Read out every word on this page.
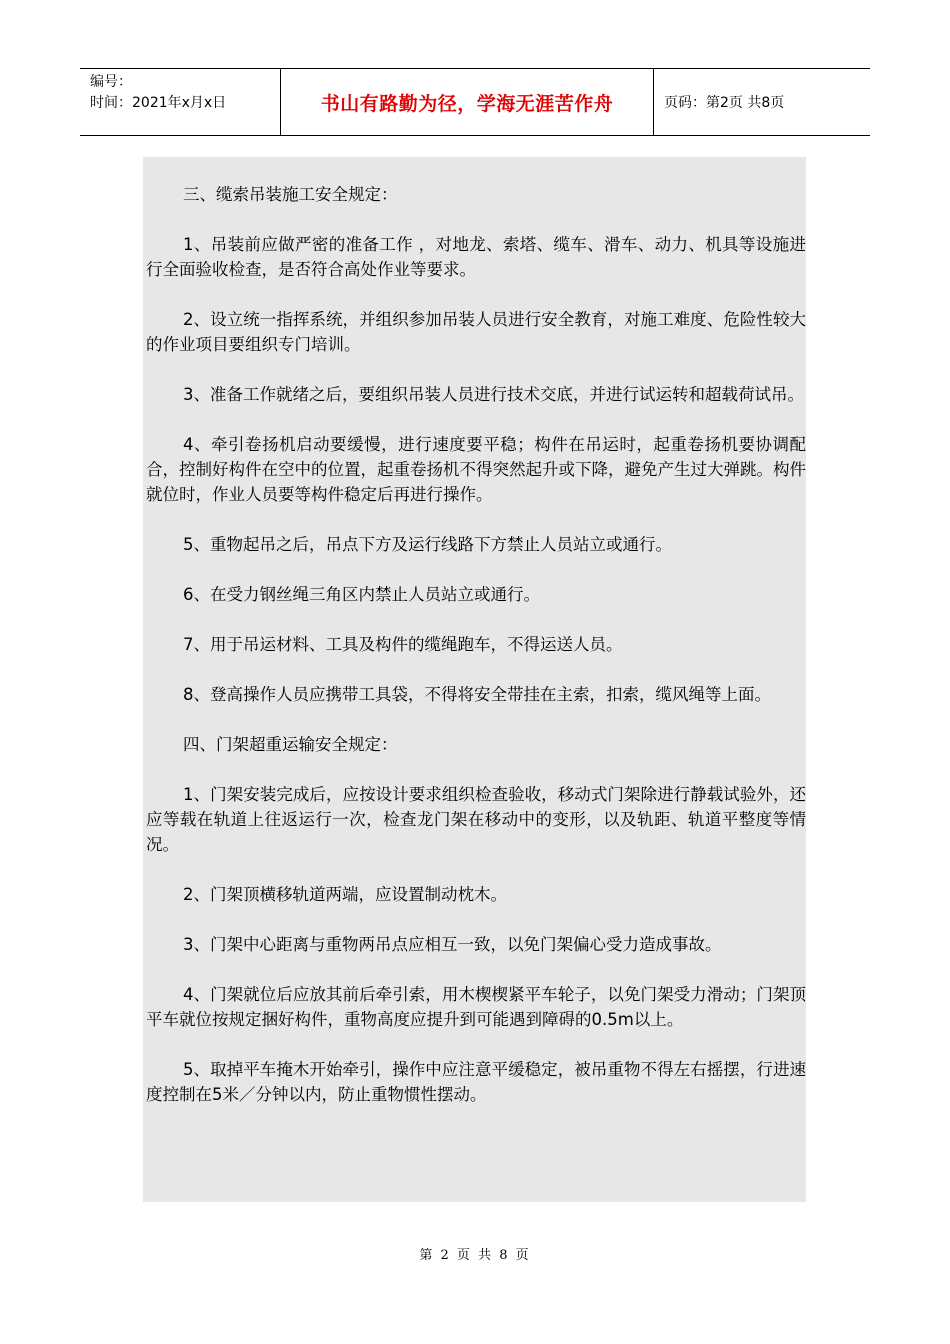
编号：
时间：2021年x月x日	书山有路勤为径，学海无涯苦作舟	页码：第2页 共8页

三、缆索吊装施工安全规定：

1、吊装前应做严密的准备工作 ，对地龙、索塔、缆车、滑车、动力、机具等设施进行全面验收检查，是否符合高处作业等要求。

2、设立统一指挥系统，并组织参加吊装人员进行安全教育，对施工难度、危险性较大的作业项目要组织专门培训。

3、准备工作就绪之后，要组织吊装人员进行技术交底，并进行试运转和超载荷试吊。

4、牵引卷扬机启动要缓慢，进行速度要平稳；构件在吊运时，起重卷扬机要协调配合，控制好构件在空中的位置，起重卷扬机不得突然起升或下降，避免产生过大弹跳。构件就位时，作业人员要等构件稳定后再进行操作。

5、重物起吊之后，吊点下方及运行线路下方禁止人员站立或通行。

6、在受力钢丝绳三角区内禁止人员站立或通行。

7、用于吊运材料、工具及构件的缆绳跑车，不得运送人员。

8、登高操作人员应携带工具袋，不得将安全带挂在主索，扣索，缆风绳等上面。

四、门架超重运输安全规定：

1、门架安装完成后，应按设计要求组织检查验收，移动式门架除进行静载试验外，还应等载在轨道上往返运行一次，检查龙门架在移动中的变形，以及轨距、轨道平整度等情况。

2、门架顶横移轨道两端，应设置制动枕木。

3、门架中心距离与重物两吊点应相互一致，以免门架偏心受力造成事故。

4、门架就位后应放其前后牵引索，用木楔楔紧平车轮子，以免门架受力滑动；门架顶平车就位按规定捆好构件，重物高度应提升到可能遇到障碍的0.5m以上。

5、取掉平车掩木开始牵引，操作中应注意平缓稳定，被吊重物不得左右摇摆，行进速度控制在5米／分钟以内，防止重物惯性摆动。

第 2 页 共 8 页
